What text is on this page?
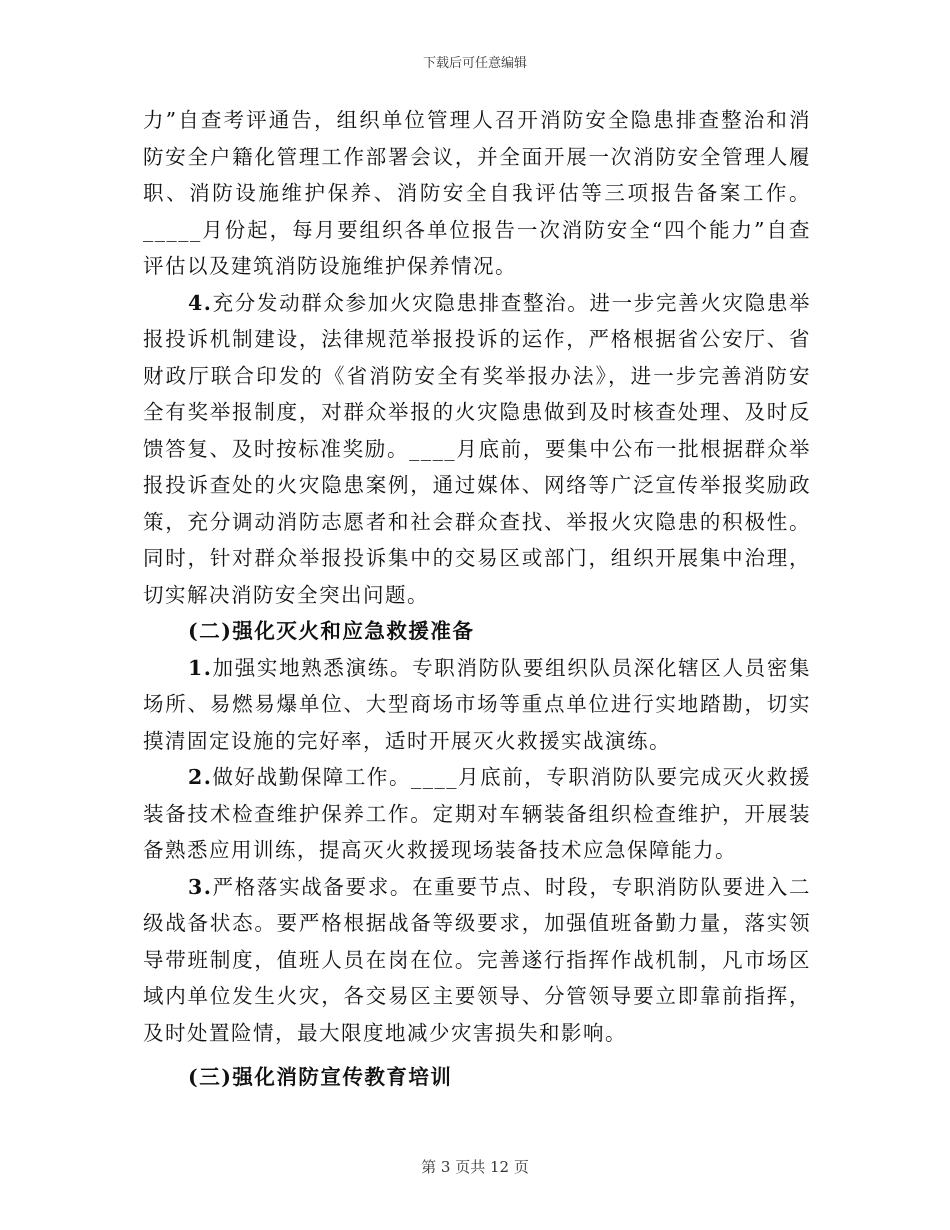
下载后可任意编辑

力”自查考评通告，组织单位管理人召开消防安全隐患排查整治和消防安全户籍化管理工作部署会议，并全面开展一次消防安全管理人履职、消防设施维护保养、消防安全自我评估等三项报告备案工作。_____月份起，每月要组织各单位报告一次消防安全“四个能力”自查评估以及建筑消防设施维护保养情况。

4.充分发动群众参加火灾隐患排查整治。进一步完善火灾隐患举报投诉机制建设，法律规范举报投诉的运作，严格根据省公安厅、省财政厅联合印发的《省消防安全有奖举报办法》，进一步完善消防安全有奖举报制度，对群众举报的火灾隐患做到及时核查处理、及时反馈答复、及时按标准奖励。____月底前，要集中公布一批根据群众举报投诉查处的火灾隐患案例，通过媒体、网络等广泛宣传举报奖励政策，充分调动消防志愿者和社会群众查找、举报火灾隐患的积极性。同时，针对群众举报投诉集中的交易区或部门，组织开展集中治理，切实解决消防安全突出问题。

(二)强化灭火和应急救援准备

1.加强实地熟悉演练。专职消防队要组织队员深化辖区人员密集场所、易燃易爆单位、大型商场市场等重点单位进行实地踏勘，切实摸清固定设施的完好率，适时开展灭火救援实战演练。

2.做好战勤保障工作。____月底前，专职消防队要完成灭火救援装备技术检查维护保养工作。定期对车辆装备组织检查维护，开展装备熟悉应用训练，提高灭火救援现场装备技术应急保障能力。

3.严格落实战备要求。在重要节点、时段，专职消防队要进入二级战备状态。要严格根据战备等级要求，加强值班备勤力量，落实领导带班制度，值班人员在岗在位。完善遂行指挥作战机制，凡市场区域内单位发生火灾，各交易区主要领导、分管领导要立即靠前指挥，及时处置险情，最大限度地减少灾害损失和影响。

(三)强化消防宣传教育培训
第 3 页共 12 页
